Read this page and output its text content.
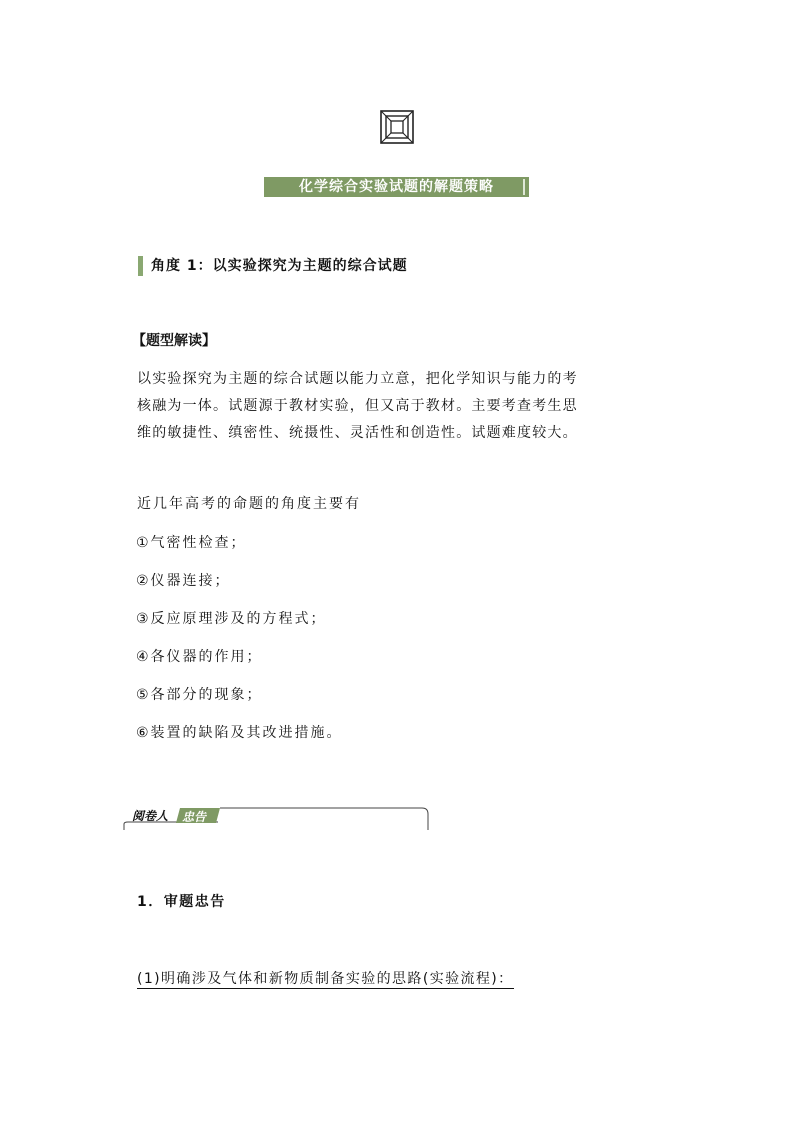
化学综合实验试题的解题策略
角度 1：以实验探究为主题的综合试题
【题型解读】
以实验探究为主题的综合试题以能力立意，把化学知识与能力的考
核融为一体。试题源于教材实验，但又高于教材。主要考查考生思
维的敏捷性、缜密性、统摄性、灵活性和创造性。试题难度较大。
近几年高考的命题的角度主要有
①气密性检查；
②仪器连接；
③反应原理涉及的方程式；
④各仪器的作用；
⑤各部分的现象；
⑥装置的缺陷及其改进措施。
阅卷人 忠告
1．审题忠告
(1)明确涉及气体和新物质制备实验的思路(实验流程)：
